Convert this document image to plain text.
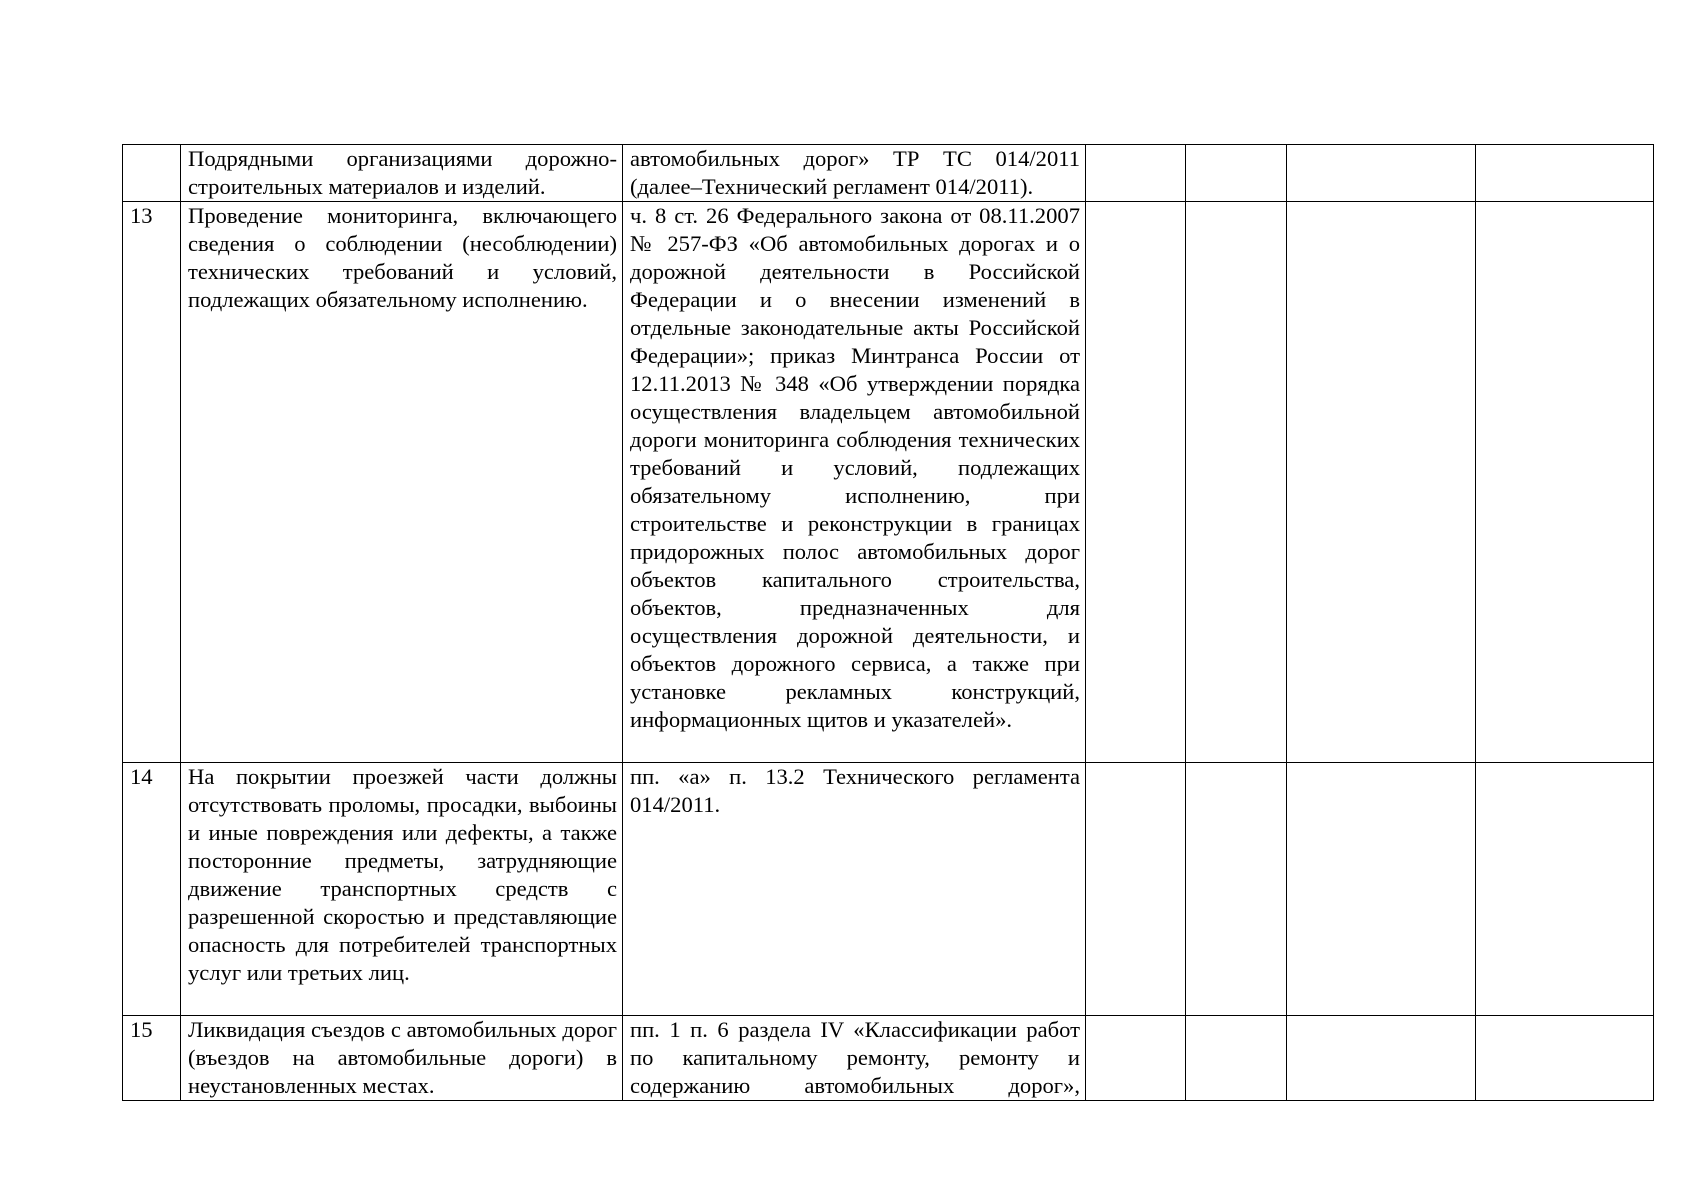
	Подрядными организациями дорожно-строительных материалов и изделий.	автомобильных дорог» ТР ТС 014/2011 (далее–Технический регламент 014/2011).				
13	Проведение мониторинга, включающего сведения о соблюдении (несоблюдении) технических требований и условий, подлежащих обязательному исполнению.	ч. 8 ст. 26 Федерального закона от 08.11.2007 № 257-ФЗ «Об автомобильных дорогах и о дорожной деятельности в Российской Федерации и о внесении изменений в отдельные законодательные акты Российской Федерации»; приказ Минтранса России от 12.11.2013 № 348 «Об утверждении порядка осуществления владельцем автомобильной дороги мониторинга соблюдения технических требований и условий, подлежащих обязательному исполнению, при строительстве и реконструкции в границах придорожных полос автомобильных дорог объектов капитального строительства, объектов, предназначенных для осуществления дорожной деятельности, и объектов дорожного сервиса, а также при установке рекламных конструкций, информационных щитов и указателей».				
14	На покрытии проезжей части должны отсутствовать проломы, просадки, выбоины и иные повреждения или дефекты, а также посторонние предметы, затрудняющие движение транспортных средств с разрешенной скоростью и представляющие опасность для потребителей транспортных услуг или третьих лиц.	пп. «а» п. 13.2 Технического регламента 014/2011.				
15	Ликвидация съездов с автомобильных дорог (въездов на автомобильные дороги) в неустановленных местах.	пп. 1 п. 6 раздела IV «Классификации работ по капитальному ремонту, ремонту и содержанию автомобильных дорог»,				
